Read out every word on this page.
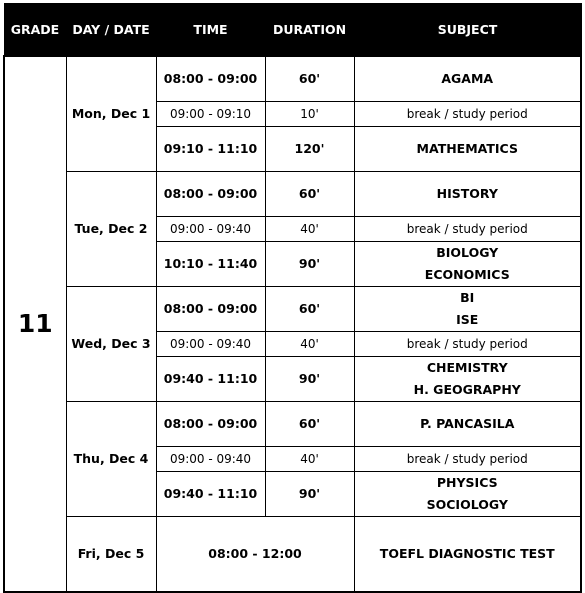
GRADE	DAY / DATE	TIME	DURATION	SUBJECT
11	Mon, Dec 1	08:00 - 09:00	60'	AGAMA

		09:00 - 09:10	10'	break / study period
		09:10 - 11:10	120'	MATHEMATICS

	Tue, Dec 2	08:00 - 09:00	60'	HISTORY

		09:00 - 09:40	40'	break / study period
		10:10 - 11:40	90'	BIOLOGY
ECONOMICS

	Wed, Dec 3	08:00 - 09:00	60'	BI
ISE

		09:00 - 09:40	40'	break / study period
		09:40 - 11:10	90'	CHEMISTRY
H. GEOGRAPHY

	Thu, Dec 4	08:00 - 09:00	60'	P. PANCASILA

		09:00 - 09:40	40'	break / study period
		09:40 - 11:10	90'	PHYSICS
SOCIOLOGY

	Fri, Dec 5	08:00 - 12:00		TOEFL DIAGNOSTIC TEST
